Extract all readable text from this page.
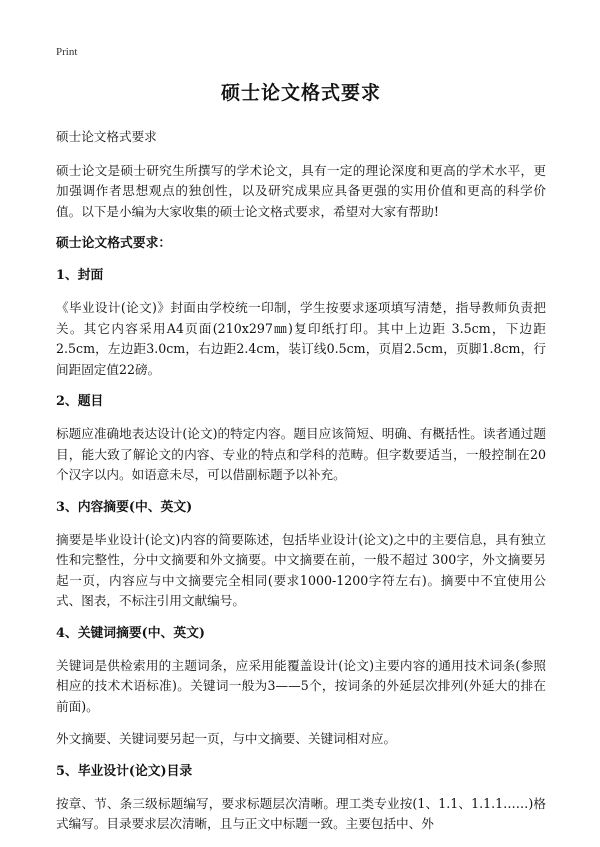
Print
硕士论文格式要求
硕士论文格式要求
硕士论文是硕士研究生所撰写的学术论文，具有一定的理论深度和更高的学术水平，更加强调作者思想观点的独创性，以及研究成果应具备更强的实用价值和更高的科学价值。以下是小编为大家收集的硕士论文格式要求，希望对大家有帮助!
硕士论文格式要求：
1、封面
《毕业设计(论文)》封面由学校统一印制，学生按要求逐项填写清楚，指导教师负责把关。其它内容采用A4页面(210x297㎜)复印纸打印。其中上边距 3.5cm，下边距2.5cm，左边距3.0cm，右边距2.4cm，装订线0.5cm，页眉2.5cm，页脚1.8cm，行间距固定值22磅。
2、题目
标题应准确地表达设计(论文)的特定内容。题目应该简短、明确、有概括性。读者通过题目，能大致了解论文的内容、专业的特点和学科的范畴。但字数要适当，一般控制在20个汉字以内。如语意未尽，可以借副标题予以补充。
3、内容摘要(中、英文)
摘要是毕业设计(论文)内容的简要陈述，包括毕业设计(论文)之中的主要信息，具有独立性和完整性，分中文摘要和外文摘要。中文摘要在前，一般不超过 300字，外文摘要另起一页，内容应与中文摘要完全相同(要求1000-1200字符左右)。摘要中不宜使用公式、图表，不标注引用文献编号。
4、关键词摘要(中、英文)
关键词是供检索用的主题词条，应采用能覆盖设计(论文)主要内容的通用技术词条(参照相应的技术术语标准)。关键词一般为3——5个，按词条的外延层次排列(外延大的排在前面)。
外文摘要、关键词要另起一页，与中文摘要、关键词相对应。
5、毕业设计(论文)目录
按章、节、条三级标题编写，要求标题层次清晰。理工类专业按(1、1.1、1.1.1……)格式编写。目录要求层次清晰，且与正文中标题一致。主要包括中、外
